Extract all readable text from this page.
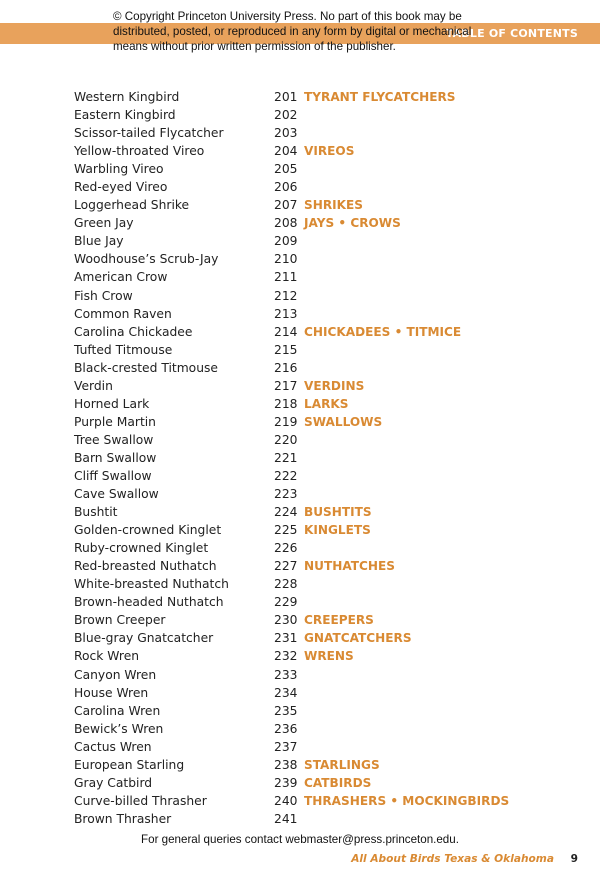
TABLE OF CONTENTS
© Copyright Princeton University Press. No part of this book may be distributed, posted, or reproduced in any form by digital or mechanical means without prior written permission of the publisher.
Western Kingbird	201 TYRANT FLYCATCHERS
Eastern Kingbird	202
Scissor-tailed Flycatcher	203
Yellow-throated Vireo	204 VIREOS
Warbling Vireo	205
Red-eyed Vireo	206
Loggerhead Shrike	207 SHRIKES
Green Jay	208 JAYS • CROWS
Blue Jay	209
Woodhouse’s Scrub-Jay	210
American Crow	211
Fish Crow	212
Common Raven	213
Carolina Chickadee	214 CHICKADEES • TITMICE
Tufted Titmouse	215
Black-crested Titmouse	216
Verdin	217 VERDINS
Horned Lark	218 LARKS
Purple Martin	219 SWALLOWS
Tree Swallow	220
Barn Swallow	221
Cliff Swallow	222
Cave Swallow	223
Bushtit	224 BUSHTITS
Golden-crowned Kinglet	225 KINGLETS
Ruby-crowned Kinglet	226
Red-breasted Nuthatch	227 NUTHATCHES
White-breasted Nuthatch	228
Brown-headed Nuthatch	229
Brown Creeper	230 CREEPERS
Blue-gray Gnatcatcher	231 GNATCATCHERS
Rock Wren	232 WRENS
Canyon Wren	233
House Wren	234
Carolina Wren	235
Bewick’s Wren	236
Cactus Wren	237
European Starling	238 STARLINGS
Gray Catbird	239 CATBIRDS
Curve-billed Thrasher	240 THRASHERS • MOCKINGBIRDS
Brown Thrasher	241
For general queries contact webmaster@press.princeton.edu.
All About Birds Texas & Oklahoma 9
